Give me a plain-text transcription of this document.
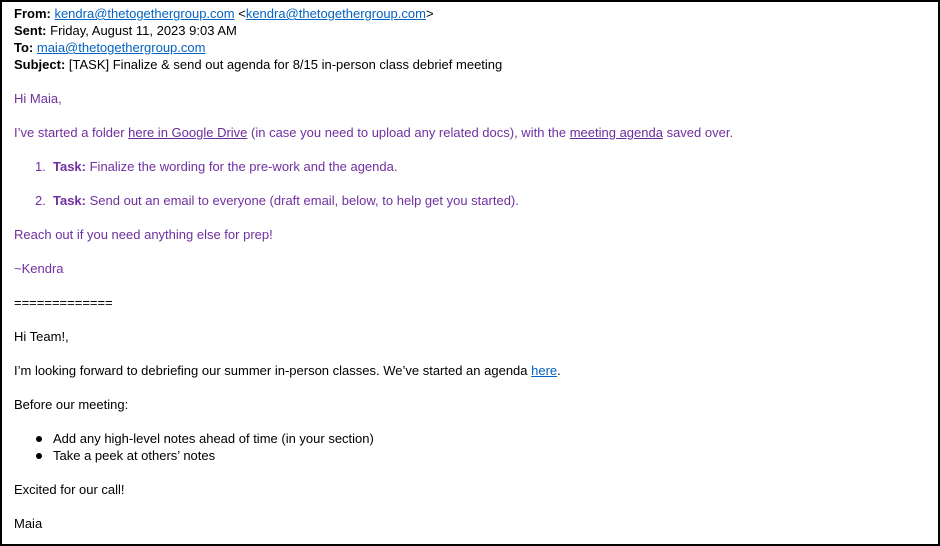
From: kendra@thetogethergroup.com <kendra@thetogethergroup.com>
Sent: Friday, August 11, 2023 9:03 AM
To: maia@thetogethergroup.com
Subject: [TASK] Finalize & send out agenda for 8/15 in-person class debrief meeting

Hi Maia,

I’ve started a folder here in Google Drive (in case you need to upload any related docs), with the meeting agenda saved over.

1. Task: Finalize the wording for the pre-work and the agenda.
2. Task: Send out an email to everyone (draft email, below, to help get you started).

Reach out if you need anything else for prep!

~Kendra

=============

Hi Team!,

I’m looking forward to debriefing our summer in-person classes. We’ve started an agenda here.

Before our meeting:

Add any high-level notes ahead of time (in your section)
Take a peek at others’ notes

Excited for our call!

Maia
